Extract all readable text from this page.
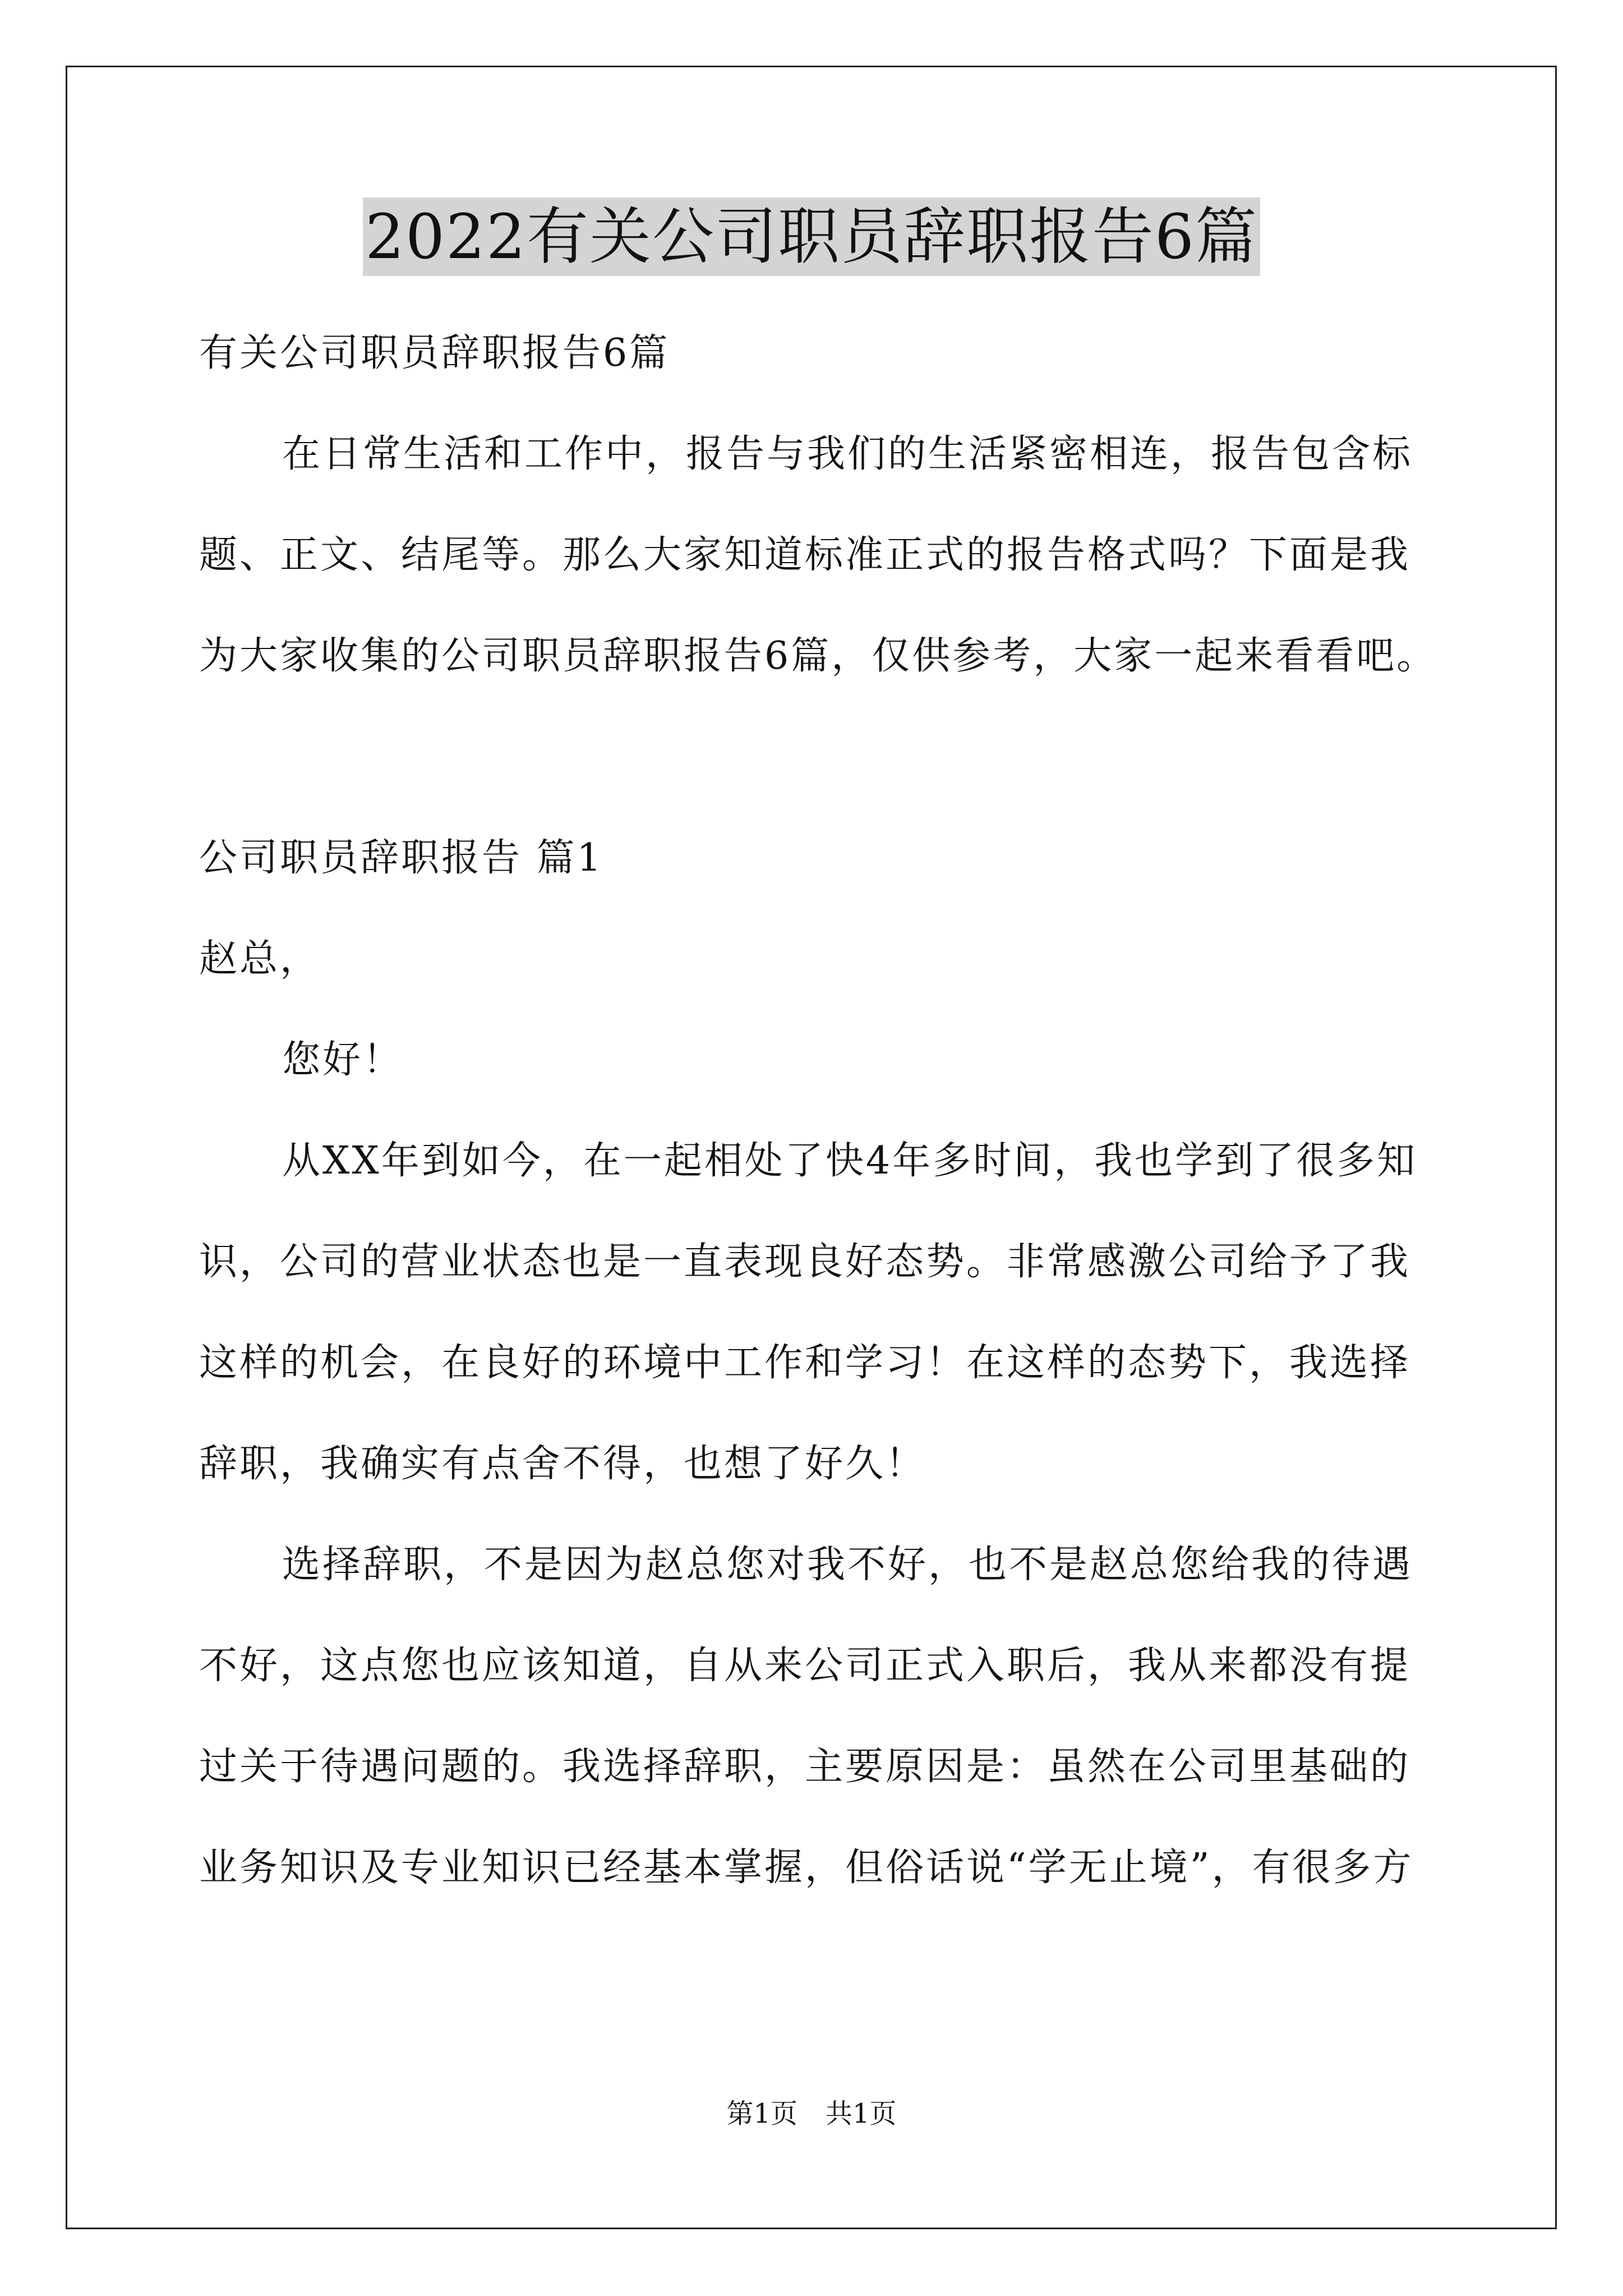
2022有关公司职员辞职报告6篇
有关公司职员辞职报告6篇
在日常生活和工作中，报告与我们的生活紧密相连，报告包含标
题、正文、结尾等。那么大家知道标准正式的报告格式吗？下面是我
为大家收集的公司职员辞职报告6篇，仅供参考，大家一起来看看吧。
公司职员辞职报告 篇1
赵总，
您好！
从XX年到如今，在一起相处了快4年多时间，我也学到了很多知
识，公司的营业状态也是一直表现良好态势。非常感激公司给予了我
这样的机会，在良好的环境中工作和学习！在这样的态势下，我选择
辞职，我确实有点舍不得，也想了好久！
选择辞职，不是因为赵总您对我不好，也不是赵总您给我的待遇
不好，这点您也应该知道，自从来公司正式入职后，我从来都没有提
过关于待遇问题的。我选择辞职，主要原因是：虽然在公司里基础的
业务知识及专业知识已经基本掌握，但俗话说“学无止境”，有很多方
第1页 共1页
